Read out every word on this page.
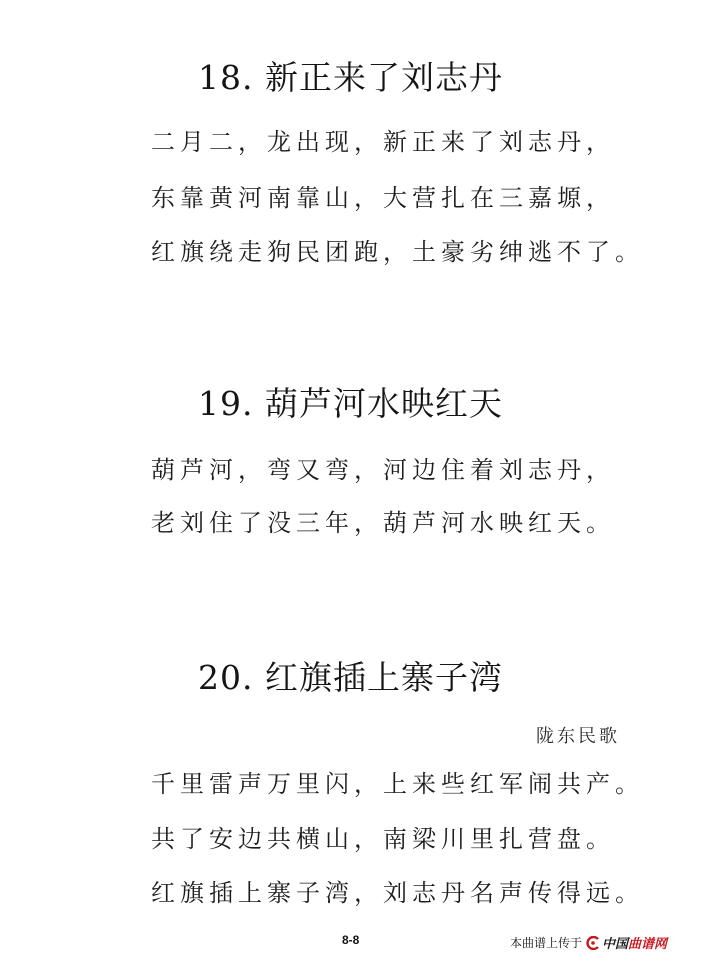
18. 新正来了刘志丹
二月二，龙出现，新正来了刘志丹，
东靠黄河南靠山，大营扎在三嘉塬，
红旗绕走狗民团跑，土豪劣绅逃不了。
19. 葫芦河水映红天
葫芦河，弯又弯，河边住着刘志丹，
老刘住了没三年，葫芦河水映红天。
20. 红旗插上寨子湾
陇东民歌
千里雷声万里闪，上来些红军闹共产。
共了安边共横山，南梁川里扎营盘。
红旗插上寨子湾，刘志丹名声传得远。
8-8	本曲谱上传于 中国曲谱网
